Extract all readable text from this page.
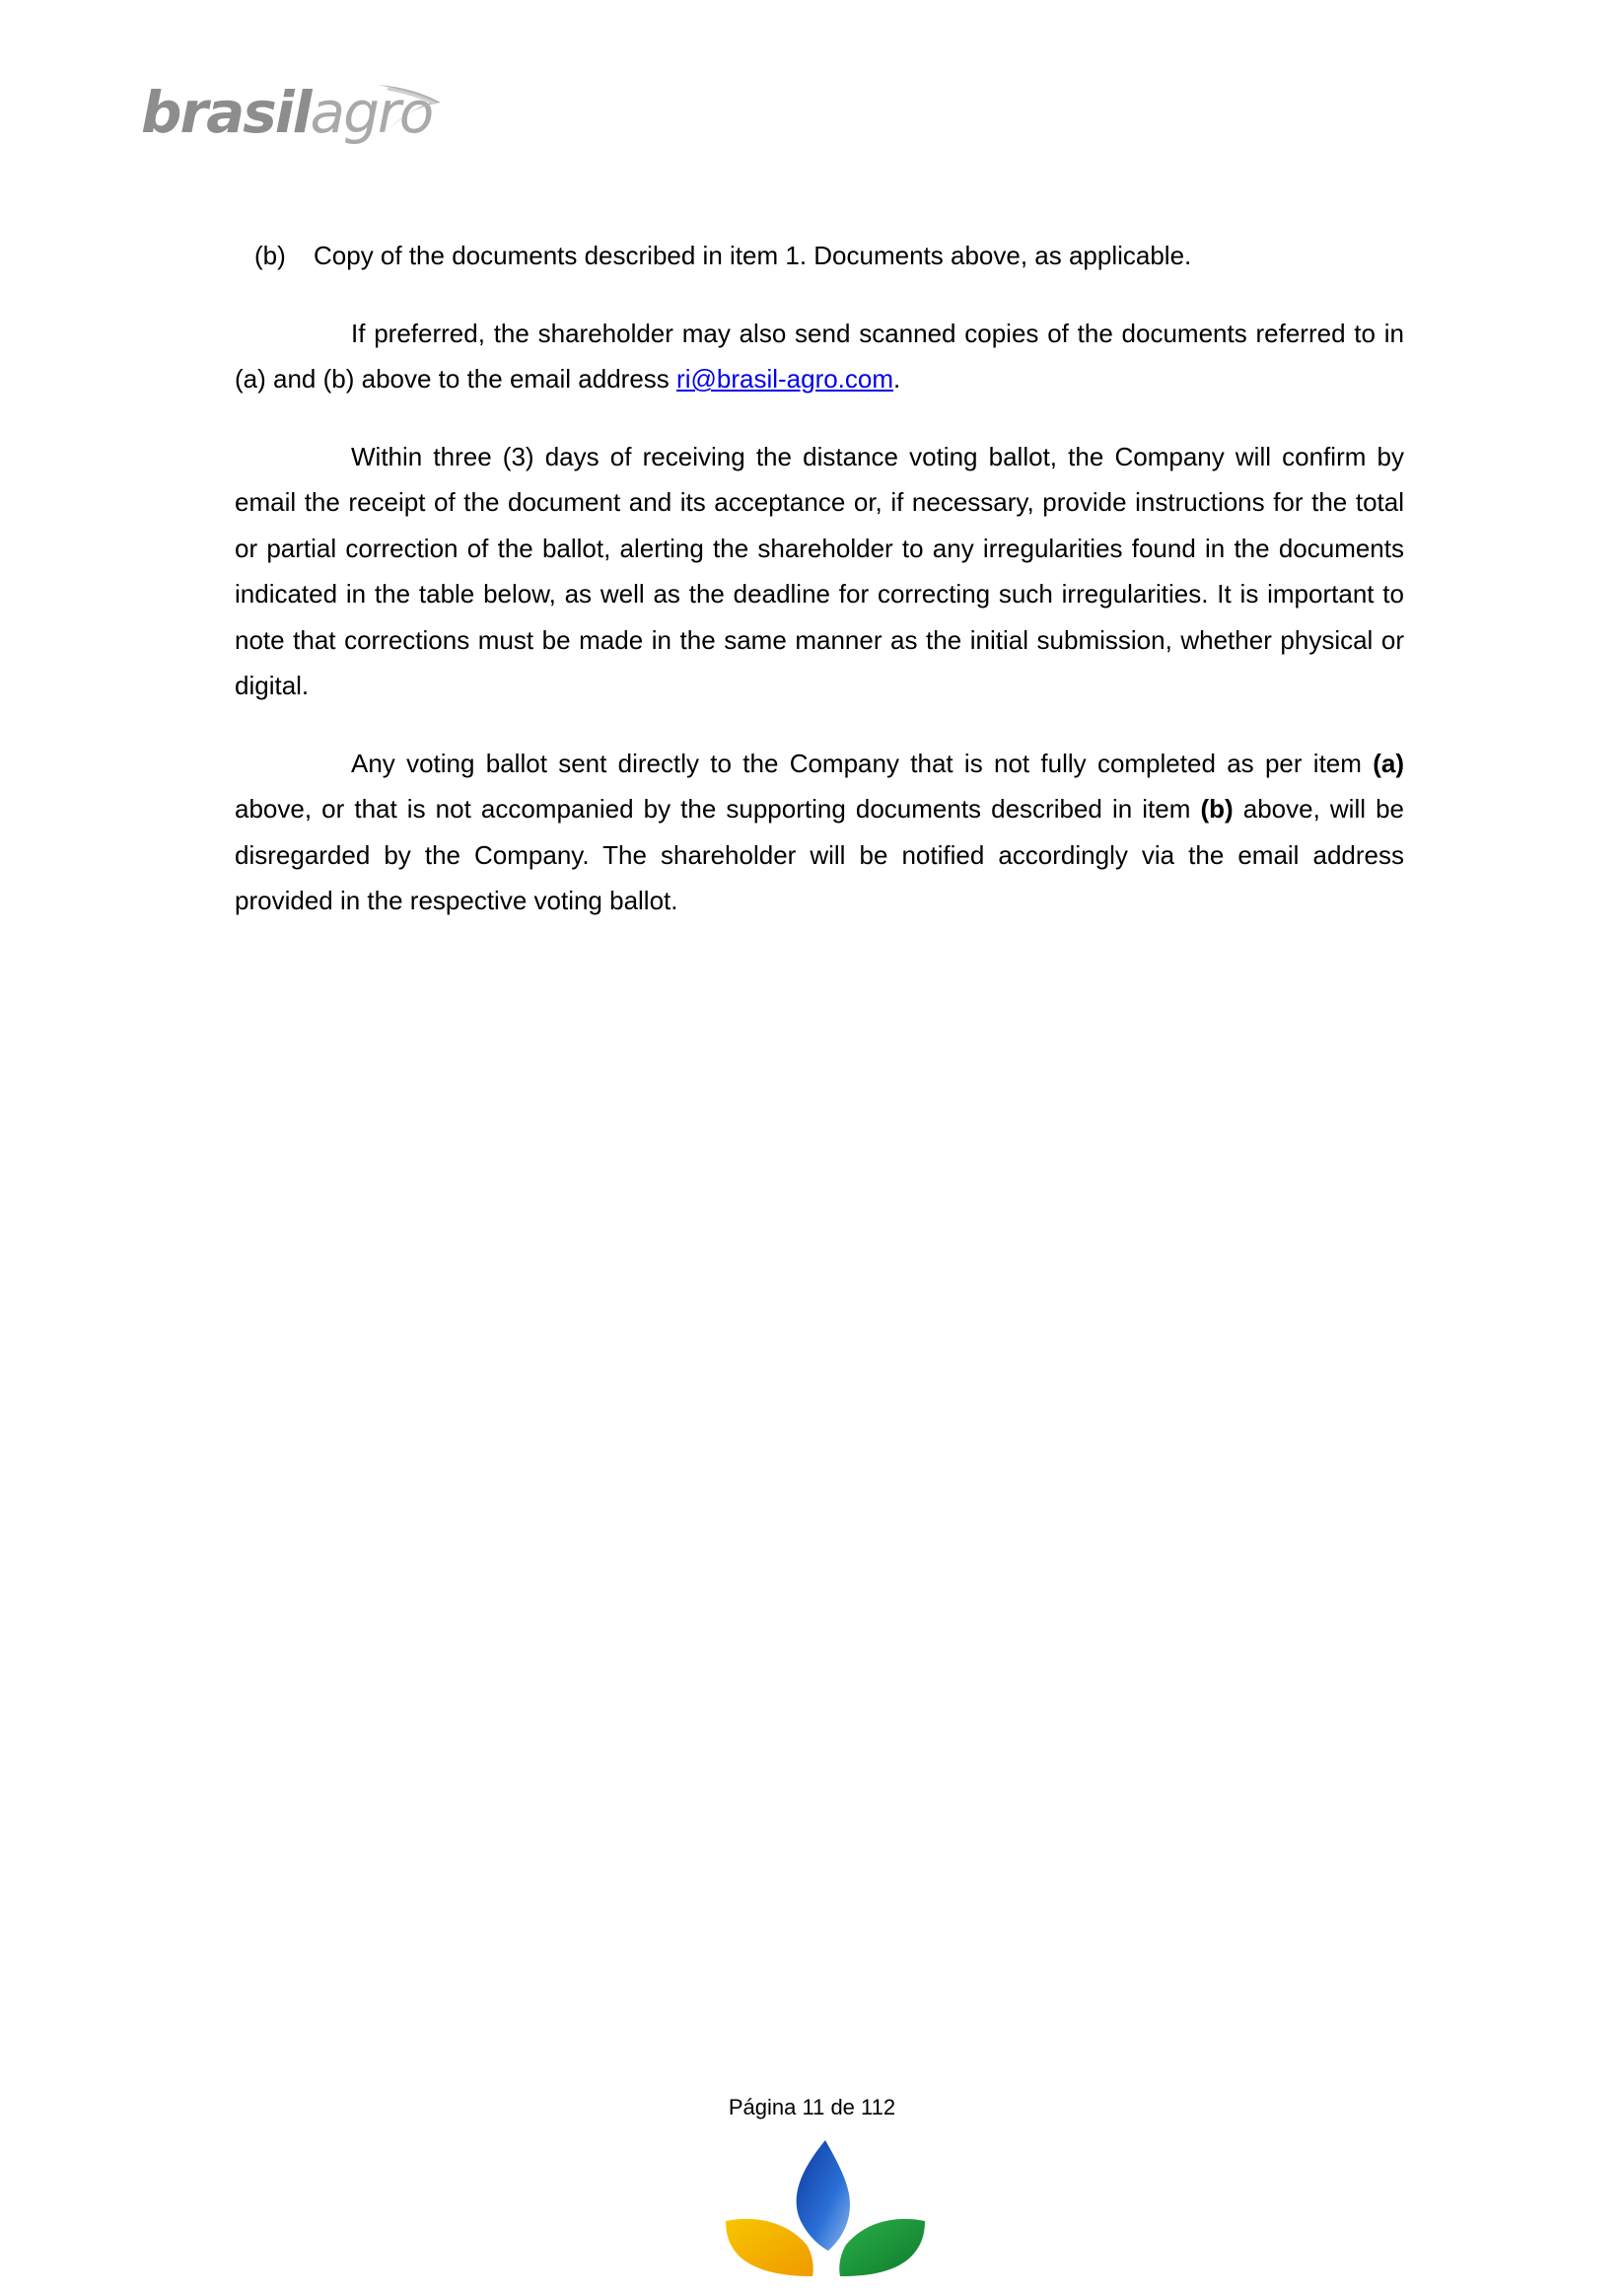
brasilagro

(b) Copy of the documents described in item 1. Documents above, as applicable.

If preferred, the shareholder may also send scanned copies of the documents referred to in (a) and (b) above to the email address ri@brasil-agro.com.

Within three (3) days of receiving the distance voting ballot, the Company will confirm by email the receipt of the document and its acceptance or, if necessary, provide instructions for the total or partial correction of the ballot, alerting the shareholder to any irregularities found in the documents indicated in the table below, as well as the deadline for correcting such irregularities. It is important to note that corrections must be made in the same manner as the initial submission, whether physical or digital.

Any voting ballot sent directly to the Company that is not fully completed as per item (a) above, or that is not accompanied by the supporting documents described in item (b) above, will be disregarded by the Company. The shareholder will be notified accordingly via the email address provided in the respective voting ballot.

Página 11 de 112
